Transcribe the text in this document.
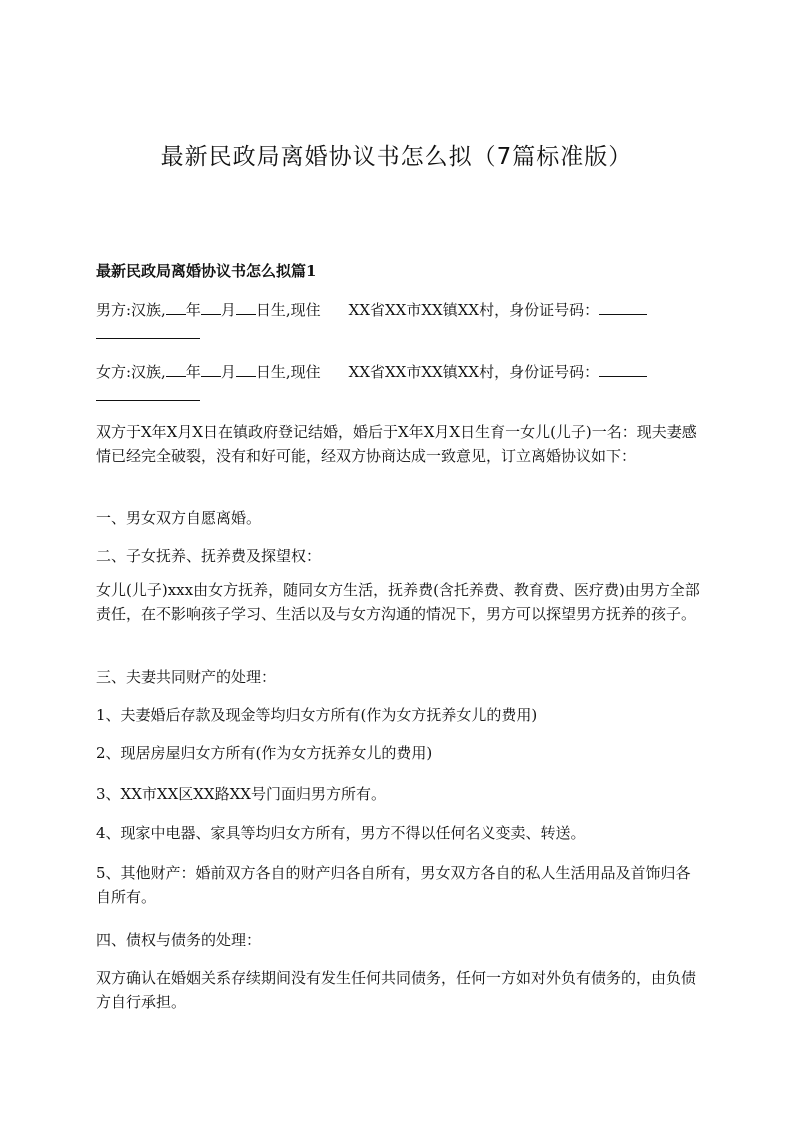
最新民政局离婚协议书怎么拟（7篇标准版）
最新民政局离婚协议书怎么拟篇1

男方:汉族, 年 月 日生,现住 XX省XX市XX镇XX村，身份证号码：

女方:汉族, 年 月 日生,现住 XX省XX市XX镇XX村，身份证号码：

双方于X年X月X日在镇政府登记结婚，婚后于X年X月X日生育一女儿(儿子)一名：现夫妻感情已经完全破裂，没有和好可能，经双方协商达成一致意见，订立离婚协议如下：

一、男女双方自愿离婚。

二、子女抚养、抚养费及探望权：

女儿(儿子)xxx由女方抚养，随同女方生活，抚养费(含托养费、教育费、医疗费)由男方全部责任，在不影响孩子学习、生活以及与女方沟通的情况下，男方可以探望男方抚养的孩子。

三、夫妻共同财产的处理：

1、夫妻婚后存款及现金等均归女方所有(作为女方抚养女儿的费用)

2、现居房屋归女方所有(作为女方抚养女儿的费用)

3、XX市XX区XX路XX号门面归男方所有。

4、现家中电器、家具等均归女方所有，男方不得以任何名义变卖、转送。

5、其他财产：婚前双方各自的财产归各自所有，男女双方各自的私人生活用品及首饰归各自所有。

四、债权与债务的处理：

双方确认在婚姻关系存续期间没有发生任何共同债务，任何一方如对外负有债务的，由负债方自行承担。
